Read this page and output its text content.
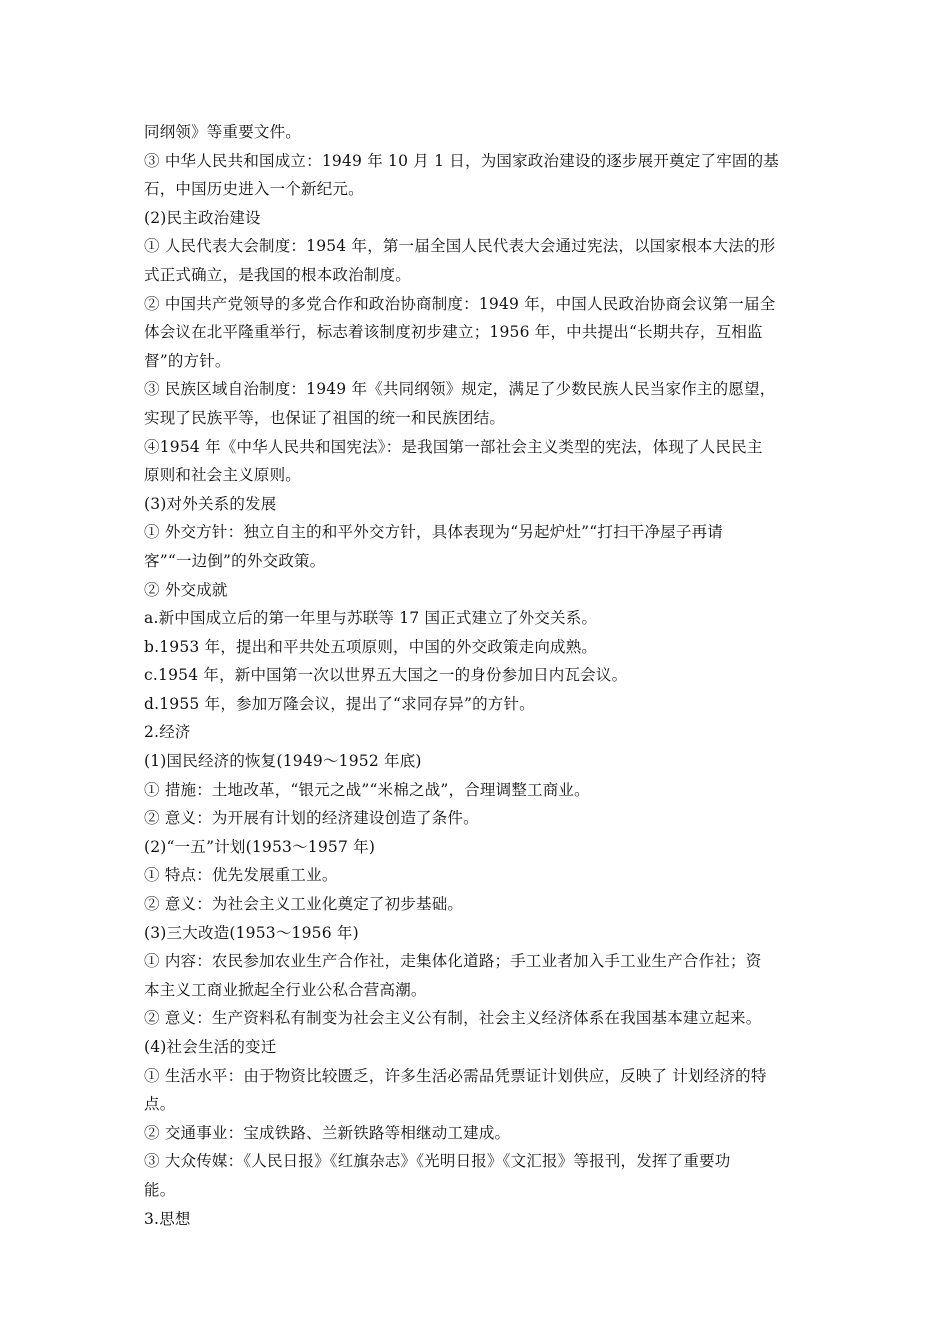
同纲领》等重要文件。
③ 中华人民共和国成立：1949 年 10 月 1 日，为国家政治建设的逐步展开奠定了牢固的基
石，中国历史进入一个新纪元。
(2)民主政治建设
① 人民代表大会制度：1954 年，第一届全国人民代表大会通过宪法，以国家根本大法的形
式正式确立，是我国的根本政治制度。
② 中国共产党领导的多党合作和政治协商制度：1949 年，中国人民政治协商会议第一届全
体会议在北平隆重举行，标志着该制度初步建立；1956 年，中共提出“长期共存，互相监
督”的方针。
③ 民族区域自治制度：1949 年《共同纲领》规定，满足了少数民族人民当家作主的愿望，
实现了民族平等，也保证了祖国的统一和民族团结。
④1954 年《中华人民共和国宪法》：是我国第一部社会主义类型的宪法，体现了人民民主
原则和社会主义原则。
(3)对外关系的发展
① 外交方针：独立自主的和平外交方针，具体表现为“另起炉灶”“打扫干净屋子再请
客”“一边倒”的外交政策。
② 外交成就
a.新中国成立后的第一年里与苏联等 17 国正式建立了外交关系。
b.1953 年，提出和平共处五项原则，中国的外交政策走向成熟。
c.1954 年，新中国第一次以世界五大国之一的身份参加日内瓦会议。
d.1955 年，参加万隆会议，提出了“求同存异”的方针。
2.经济
(1)国民经济的恢复(1949～1952 年底)
① 措施：土地改革，“银元之战”“米棉之战”，合理调整工商业。
② 意义：为开展有计划的经济建设创造了条件。
(2)“一五”计划(1953～1957 年)
① 特点：优先发展重工业。
② 意义：为社会主义工业化奠定了初步基础。
(3)三大改造(1953～1956 年)
① 内容：农民参加农业生产合作社，走集体化道路；手工业者加入手工业生产合作社；资
本主义工商业掀起全行业公私合营高潮。
② 意义：生产资料私有制变为社会主义公有制，社会主义经济体系在我国基本建立起来。
(4)社会生活的变迁
① 生活水平：由于物资比较匮乏，许多生活必需品凭票证计划供应，反映了 计划经济的特
点。
② 交通事业：宝成铁路、兰新铁路等相继动工建成。
③ 大众传媒：《人民日报》《红旗杂志》《光明日报》《文汇报》等报刊，发挥了重要功
能。
3.思想
